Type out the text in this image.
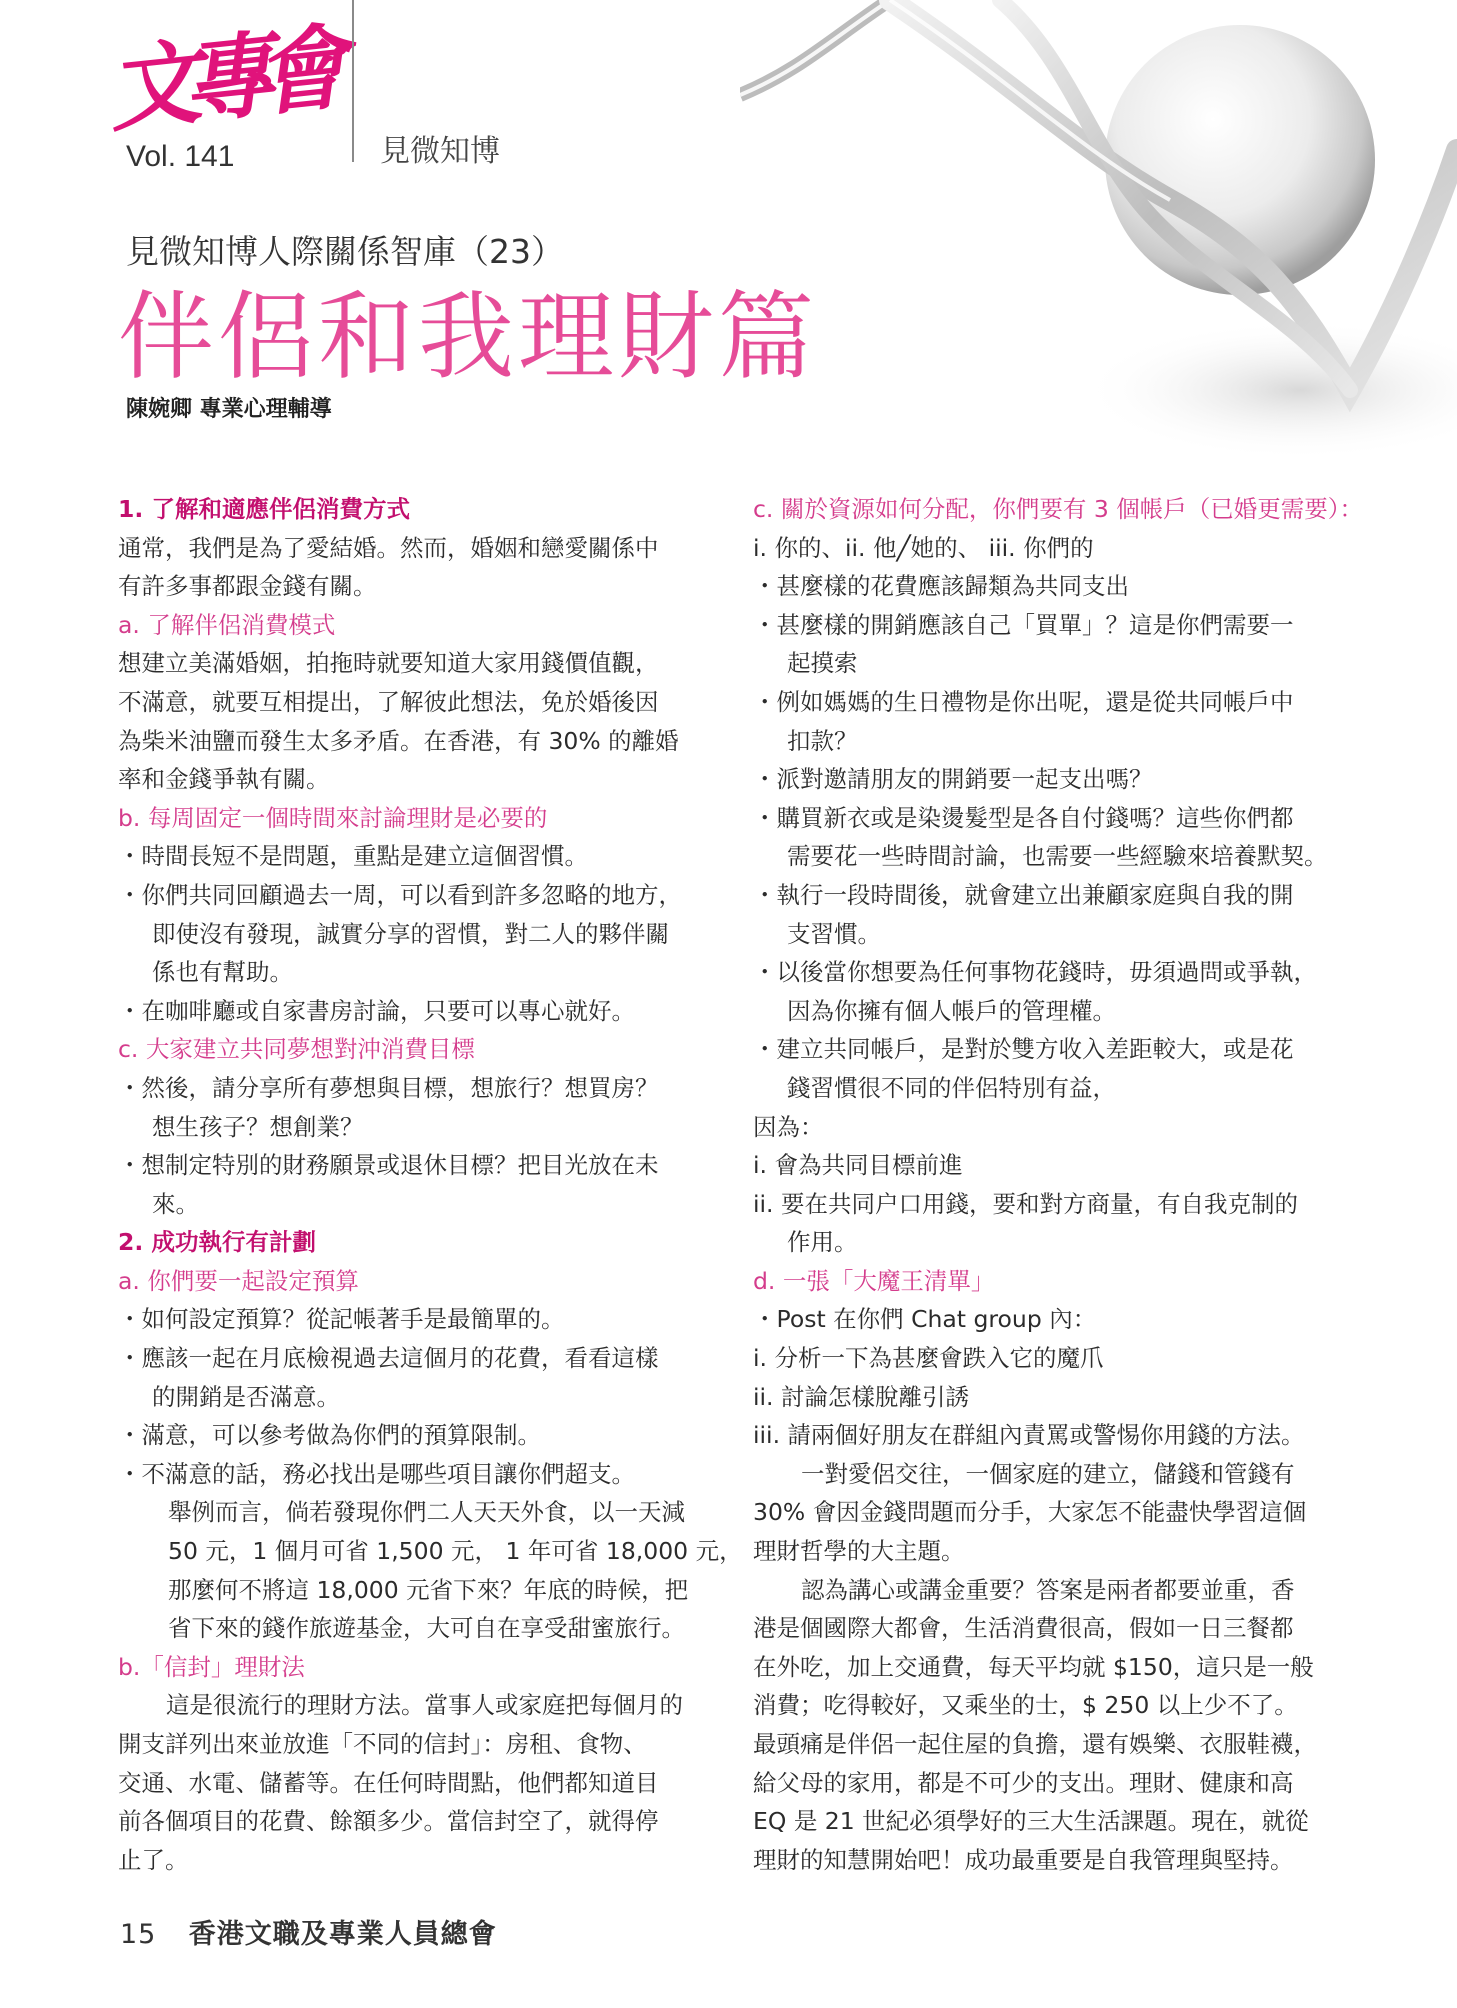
文專會
Vol. 141	見微知博
見微知博人際關係智庫（23）
伴侶和我理財篇
陳婉卿 專業心理輔導

1. 了解和適應伴侶消費方式

通常，我們是為了愛結婚。然而，婚姻和戀愛關係中

有許多事都跟金錢有關。

a. 了解伴侶消費模式

想建立美滿婚姻，拍拖時就要知道大家用錢價值觀，

不滿意，就要互相提出，了解彼此想法，免於婚後因

為柴米油鹽而發生太多矛盾。在香港，有 30% 的離婚

率和金錢爭執有關。

b. 每周固定一個時間來討論理財是必要的

・時間長短不是問題，重點是建立這個習慣。

・你們共同回顧過去一周，可以看到許多忽略的地方，

即使沒有發現，誠實分享的習慣，對二人的夥伴關

係也有幫助。

・在咖啡廳或自家書房討論，只要可以專心就好。

c. 大家建立共同夢想對沖消費目標

・然後，請分享所有夢想與目標，想旅行？想買房？

想生孩子？想創業？

・想制定特別的財務願景或退休目標？把目光放在未

來。

2. 成功執行有計劃

a. 你們要一起設定預算

・如何設定預算？從記帳著手是最簡單的。

・應該一起在月底檢視過去這個月的花費，看看這樣

的開銷是否滿意。

・滿意，可以參考做為你們的預算限制。

・不滿意的話，務必找出是哪些項目讓你們超支。

舉例而言，倘若發現你們二人天天外食，以一天減

50 元，1 個月可省 1,500 元， 1 年可省 18,000 元，

那麼何不將這 18,000 元省下來？年底的時候，把

省下來的錢作旅遊基金，大可自在享受甜蜜旅行。

b.「信封」理財法

這是很流行的理財方法。當事人或家庭把每個月的

開支詳列出來並放進「不同的信封」：房租、食物、

交通、水電、儲蓄等。在任何時間點，他們都知道目

前各個項目的花費、餘額多少。當信封空了，就得停

止了。

c. 關於資源如何分配，你們要有 3 個帳戶（已婚更需要）：

i. 你的、ii. 他╱她的、 iii. 你們的

・甚麼樣的花費應該歸類為共同支出

・甚麼樣的開銷應該自己「買單」？這是你們需要一

起摸索

・例如媽媽的生日禮物是你出呢，還是從共同帳戶中

扣款？

・派對邀請朋友的開銷要一起支出嗎？

・購買新衣或是染燙髮型是各自付錢嗎？這些你們都

需要花一些時間討論，也需要一些經驗來培養默契。

・執行一段時間後，就會建立出兼顧家庭與自我的開

支習慣。

・以後當你想要為任何事物花錢時，毋須過問或爭執，

因為你擁有個人帳戶的管理權。

・建立共同帳戶，是對於雙方收入差距較大，或是花

錢習慣很不同的伴侶特別有益，

因為：

i. 會為共同目標前進

ii. 要在共同户口用錢，要和對方商量，有自我克制的

作用。

d. 一張「大魔王清單」

・Post 在你們 Chat group 內：

i. 分析一下為甚麼會跌入它的魔爪

ii. 討論怎樣脫離引誘

iii. 請兩個好朋友在群組內責罵或警惕你用錢的方法。

一對愛侶交往，一個家庭的建立，儲錢和管錢有

30% 會因金錢問題而分手，大家怎不能盡快學習這個

理財哲學的大主題。

認為講心或講金重要？答案是兩者都要並重，香

港是個國際大都會，生活消費很高，假如一日三餐都

在外吃，加上交通費，每天平均就 $150，這只是一般

消費；吃得較好，又乘坐的士，$ 250 以上少不了。

最頭痛是伴侶一起住屋的負擔，還有娛樂、衣服鞋襪，

給父母的家用，都是不可少的支出。理財、健康和高

EQ 是 21 世紀必須學好的三大生活課題。現在，就從

理財的知慧開始吧！成功最重要是自我管理與堅持。

15 香港文職及專業人員總會
